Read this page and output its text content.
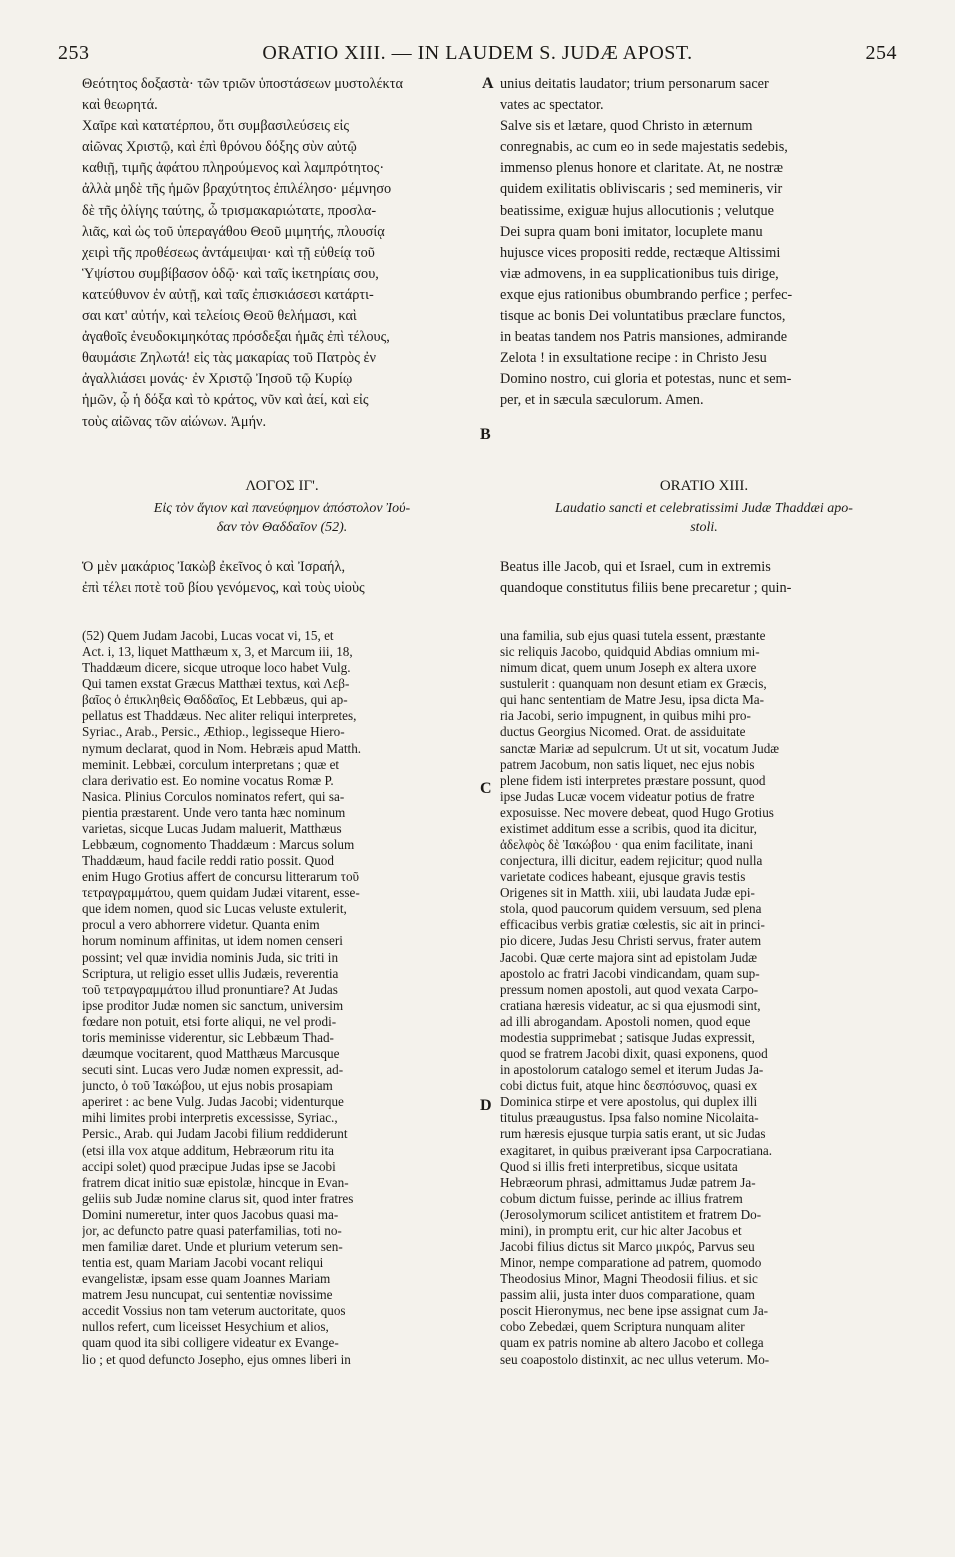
253	ORATIO XIII. — IN LAUDEM S. JUDÆ APOST.	254
A
B
C
D
Θεότητος δοξαστὰ· τῶν τριῶν ὑποστάσεων μυστολέκτα
καὶ θεωρητά.
Χαῖρε καὶ κατατέρπου, ὅτι συμβασιλεύσεις εἰς
αἰῶνας Χριστῷ, καὶ ἐπὶ θρόνου δόξης σὺν αὐτῷ
καθιῇ, τιμῆς ἀφάτου πληρούμενος καὶ λαμπρότητος·
ἀλλὰ μηδὲ τῆς ἡμῶν βραχύτητος ἐπιλέλησο· μέμνησο
δὲ τῆς ὀλίγης ταύτης, ὦ τρισμακαριώτατε, προσλα-
λιᾶς, καὶ ὡς τοῦ ὑπεραγάθου Θεοῦ μιμητής, πλουσίᾳ
χειρὶ τῆς προθέσεως ἀντάμειψαι· καὶ τῇ εὐθείᾳ τοῦ
Ὑψίστου συμβίβασον ὁδῷ· καὶ ταῖς ἱκετηρίαις σου,
κατεύθυνον ἐν αὐτῇ, καὶ ταῖς ἐπισκιάσεσι κατάρτι-
σαι κατ' αὐτήν, καὶ τελείοις Θεοῦ θελήμασι, καὶ
ἀγαθοῖς ἐνευδοκιμηκότας πρόσδεξαι ἡμᾶς ἐπὶ τέλους,
θαυμάσιε Ζηλωτά! εἰς τὰς μακαρίας τοῦ Πατρὸς ἐν
ἀγαλλιάσει μονάς· ἐν Χριστῷ Ἰησοῦ τῷ Κυρίῳ
ἡμῶν, ᾧ ἡ δόξα καὶ τὸ κράτος, νῦν καὶ ἀεί, καὶ εἰς
τοὺς αἰῶνας τῶν αἰώνων. Ἀμήν.
unius deitatis laudator; trium personarum sacer
vates ac spectator.
Salve sis et lætare, quod Christo in æternum
conregnabis, ac cum eo in sede majestatis sedebis,
immenso plenus honore et claritate. At, ne nostræ
quidem exilitatis obliviscaris ; sed memineris, vir
beatissime, exiguæ hujus allocutionis ; velutque
Dei supra quam boni imitator, locuplete manu
hujusce vices propositi redde, rectæque Altissimi
viæ admovens, in ea supplicationibus tuis dirige,
exque ejus rationibus obumbrando perfice ; perfec-
tisque ac bonis Dei voluntatibus præclare functos,
in beatas tandem nos Patris mansiones, admirande
Zelota ! in exsultatione recipe : in Christo Jesu
Domino nostro, cui gloria et potestas, nunc et sem-
per, et in sæcula sæculorum. Amen.
ΛΟΓΟΣ ΙΓ'.
Εἰς τὸν ἅγιον καὶ πανεύφημον ἀπόστολον Ἰού-
δαν τὸν Θαδδαῖον (52).
ORATIO XIII.
Laudatio sancti et celebratissimi Judæ Thaddæi apo-
stoli.
Ὁ μὲν μακάριος Ἰακὼβ ἐκεῖνος ὁ καὶ Ἰσραήλ,
ἐπὶ τέλει ποτὲ τοῦ βίου γενόμενος, καὶ τοὺς υἱοὺς
Beatus ille Jacob, qui et Israel, cum in extremis
quandoque constitutus filiis bene precaretur ; quin-
(52) Quem Judam Jacobi, Lucas vocat vi, 15, et
Act. i, 13, liquet Matthæum x, 3, et Marcum iii, 18,
Thaddæum dicere, sicque utroque loco habet Vulg.
Qui tamen exstat Græcus Matthæi textus, καὶ Λεβ-
βαῖος ὁ ἐπικληθεὶς Θαδδαῖος, Et Lebbæus, qui ap-
pellatus est Thaddæus. Nec aliter reliqui interpretes,
Syriac., Arab., Persic., Æthiop., legisseque Hiero-
nymum declarat, quod in Nom. Hebræis apud Matth.
meminit. Lebbæi, corculum interpretans ; quæ et
clara derivatio est. Eo nomine vocatus Romæ P.
Nasica. Plinius Corculos nominatos refert, qui sa-
pientia præstarent. Unde vero tanta hæc nominum
varietas, sicque Lucas Judam maluerit, Matthæus
Lebbæum, cognomento Thaddæum : Marcus solum
Thaddæum, haud facile reddi ratio possit. Quod
enim Hugo Grotius affert de concursu litterarum τοῦ
τετραγραμμάτου, quem quidam Judæi vitarent, esse-
que idem nomen, quod sic Lucas veluste extulerit,
procul a vero abhorrere videtur. Quanta enim
horum nominum affinitas, ut idem nomen censeri
possint; vel quæ invidia nominis Juda, sic triti in
Scriptura, ut religio esset ullis Judæis, reverentia
τοῦ τετραγραμμάτου illud pronuntiare? At Judas
ipse proditor Judæ nomen sic sanctum, universim
fœdare non potuit, etsi forte aliqui, ne vel prodi-
toris meminisse viderentur, sic Lebbæum Thad-
dæumque vocitarent, quod Matthæus Marcusque
secuti sint. Lucas vero Judæ nomen expressit, ad-
juncto, ὁ τοῦ Ἰακώβου, ut ejus nobis prosapiam
aperiret : ac bene Vulg. Judas Jacobi; videnturque
mihi limites probi interpretis excessisse, Syriac.,
Persic., Arab. qui Judam Jacobi filium reddiderunt
(etsi illa vox atque additum, Hebræorum ritu ita
accipi solet) quod præcipue Judas ipse se Jacobi
fratrem dicat initio suæ epistolæ, hincque in Evan-
geliis sub Judæ nomine clarus sit, quod inter fratres
Domini numeretur, inter quos Jacobus quasi ma-
jor, ac defuncto patre quasi paterfamilias, toti no-
men familiæ daret. Unde et plurium veterum sen-
tentia est, quam Mariam Jacobi vocant reliqui
evangelistæ, ipsam esse quam Joannes Mariam
matrem Jesu nuncupat, cui sententiæ novissime
accedit Vossius non tam veterum auctoritate, quos
nullos refert, cum liceisset Hesychium et alios,
quam quod ita sibi colligere videatur ex Evange-
lio ; et quod defuncto Josepho, ejus omnes liberi in
una familia, sub ejus quasi tutela essent, præstante
sic reliquis Jacobo, quidquid Abdias omnium mi-
nimum dicat, quem unum Joseph ex altera uxore
sustulerit : quanquam non desunt etiam ex Græcis,
qui hanc sententiam de Matre Jesu, ipsa dicta Ma-
ria Jacobi, serio impugnent, in quibus mihi pro-
ductus Georgius Nicomed. Orat. de assiduitate
sanctæ Mariæ ad sepulcrum. Ut ut sit, vocatum Judæ
patrem Jacobum, non satis liquet, nec ejus nobis
plene fidem isti interpretes præstare possunt, quod
ipse Judas Lucæ vocem videatur potius de fratre
exposuisse. Nec movere debeat, quod Hugo Grotius
existimet additum esse a scribis, quod ita dicitur,
ἀδελφὸς δὲ Ἰακώβου · qua enim facilitate, inani
conjectura, illi dicitur, eadem rejicitur; quod nulla
varietate codices habeant, ejusque gravis testis
Origenes sit in Matth. xiii, ubi laudata Judæ epi-
stola, quod paucorum quidem versuum, sed plena
efficacibus verbis gratiæ cœlestis, sic ait in princi-
pio dicere, Judas Jesu Christi servus, frater autem
Jacobi. Quæ certe majora sint ad epistolam Judæ
apostolo ac fratri Jacobi vindicandam, quam sup-
pressum nomen apostoli, aut quod vexata Carpo-
cratiana hæresis videatur, ac si qua ejusmodi sint,
ad illi abrogandam. Apostoli nomen, quod eque
modestia supprimebat ; satisque Judas expressit,
quod se fratrem Jacobi dixit, quasi exponens, quod
in apostolorum catalogo semel et iterum Judas Ja-
cobi dictus fuit, atque hinc δεσπόσυνος, quasi ex
Dominica stirpe et vere apostolus, qui duplex illi
titulus præaugustus. Ipsa falso nomine Nicolaita-
rum hæresis ejusque turpia satis erant, ut sic Judas
exagitaret, in quibus præiverant ipsa Carpocratiana.
Quod si illis freti interpretibus, sicque usitata
Hebræorum phrasi, admittamus Judæ patrem Ja-
cobum dictum fuisse, perinde ac illius fratrem
(Jerosolymorum scilicet antistitem et fratrem Do-
mini), in promptu erit, cur hic alter Jacobus et
Jacobi filius dictus sit Marco μικρός, Parvus seu
Minor, nempe comparatione ad patrem, quomodo
Theodosius Minor, Magni Theodosii filius. et sic
passim alii, justa inter duos comparatione, quam
poscit Hieronymus, nec bene ipse assignat cum Ja-
cobo Zebedæi, quem Scriptura nunquam aliter
quam ex patris nomine ab altero Jacobo et collega
seu coapostolo distinxit, ac nec ullus veterum. Mo-
